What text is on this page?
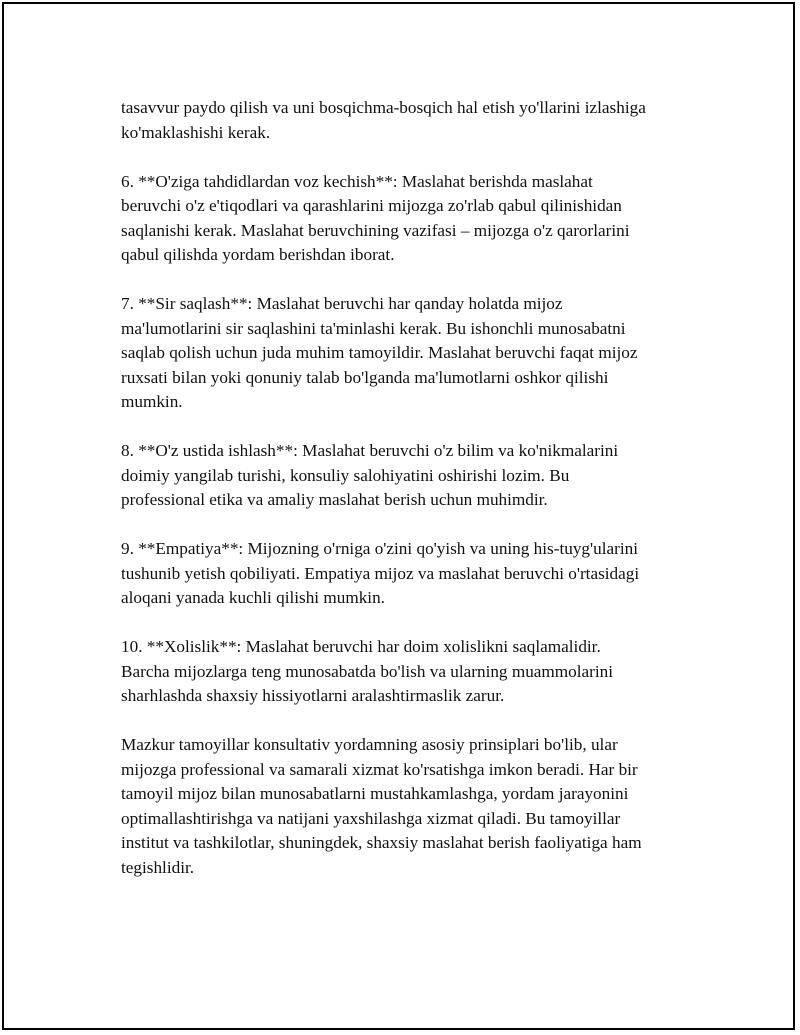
tasavvur paydo qilish va uni bosqichma-bosqich hal etish yo'llarini izlashiga
ko'maklashishi kerak.

6. **O'ziga tahdidlardan voz kechish**: Maslahat berishda maslahat
beruvchi o'z e'tiqodlari va qarashlarini mijozga zo'rlab qabul qilinishidan
saqlanishi kerak. Maslahat beruvchining vazifasi – mijozga o'z qarorlarini
qabul qilishda yordam berishdan iborat.

7. **Sir saqlash**: Maslahat beruvchi har qanday holatda mijoz
ma'lumotlarini sir saqlashini ta'minlashi kerak. Bu ishonchli munosabatni
saqlab qolish uchun juda muhim tamoyildir. Maslahat beruvchi faqat mijoz
ruxsati bilan yoki qonuniy talab bo'lganda ma'lumotlarni oshkor qilishi
mumkin.

8. **O'z ustida ishlash**: Maslahat beruvchi o'z bilim va ko'nikmalarini
doimiy yangilab turishi, konsuliy salohiyatini oshirishi lozim. Bu
professional etika va amaliy maslahat berish uchun muhimdir.

9. **Empatiya**: Mijozning o'rniga o'zini qo'yish va uning his-tuyg'ularini
tushunib yetish qobiliyati. Empatiya mijoz va maslahat beruvchi o'rtasidagi
aloqani yanada kuchli qilishi mumkin.

10. **Xolislik**: Maslahat beruvchi har doim xolislikni saqlamalidir.
Barcha mijozlarga teng munosabatda bo'lish va ularning muammolarini
sharhlashda shaxsiy hissiyotlarni aralashtirmaslik zarur.

Mazkur tamoyillar konsultativ yordamning asosiy prinsiplari bo'lib, ular
mijozga professional va samarali xizmat ko'rsatishga imkon beradi. Har bir
tamoyil mijoz bilan munosabatlarni mustahkamlashga, yordam jarayonini
optimallashtirishga va natijani yaxshilashga xizmat qiladi. Bu tamoyillar
institut va tashkilotlar, shuningdek, shaxsiy maslahat berish faoliyatiga ham
tegishlidir.
